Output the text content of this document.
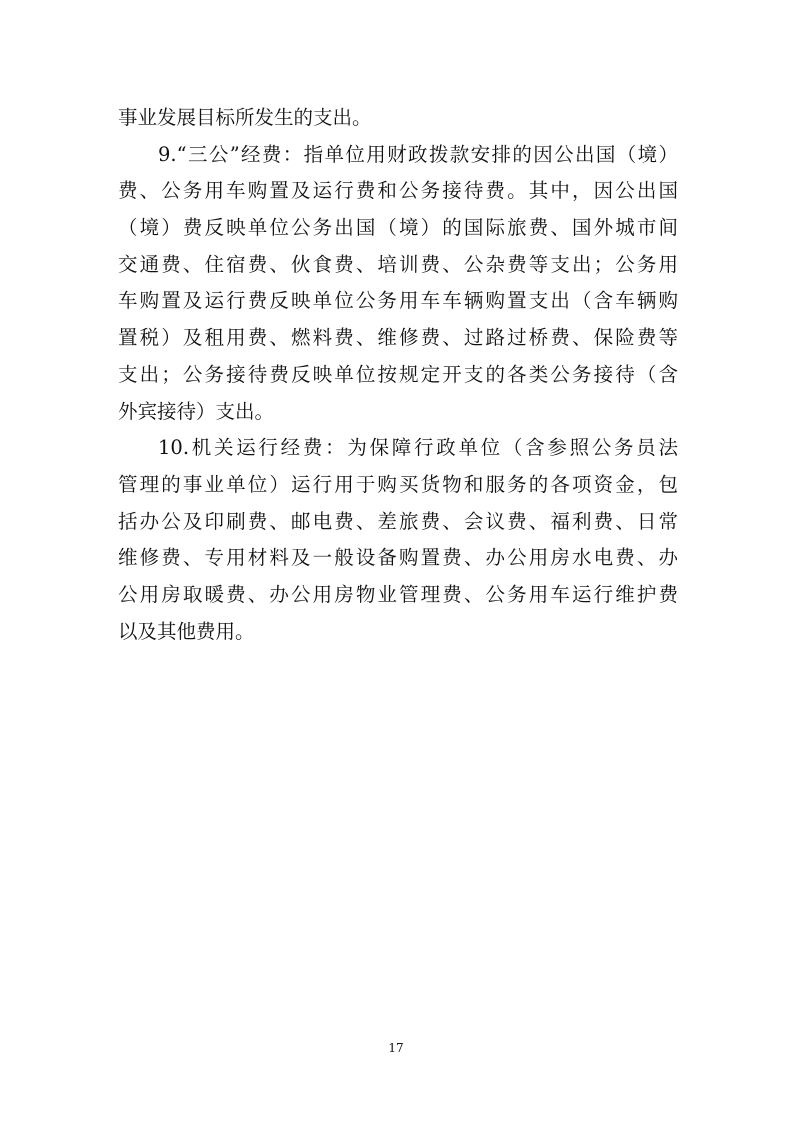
事业发展目标所发生的支出。
9.“三公”经费：指单位用财政拨款安排的因公出国（境）
费、公务用车购置及运行费和公务接待费。其中，因公出国
（境）费反映单位公务出国（境）的国际旅费、国外城市间
交通费、住宿费、伙食费、培训费、公杂费等支出；公务用
车购置及运行费反映单位公务用车车辆购置支出（含车辆购
置税）及租用费、燃料费、维修费、过路过桥费、保险费等
支出；公务接待费反映单位按规定开支的各类公务接待（含
外宾接待）支出。
10.机关运行经费：为保障行政单位（含参照公务员法
管理的事业单位）运行用于购买货物和服务的各项资金，包
括办公及印刷费、邮电费、差旅费、会议费、福利费、日常
维修费、专用材料及一般设备购置费、办公用房水电费、办
公用房取暖费、办公用房物业管理费、公务用车运行维护费
以及其他费用。
17
